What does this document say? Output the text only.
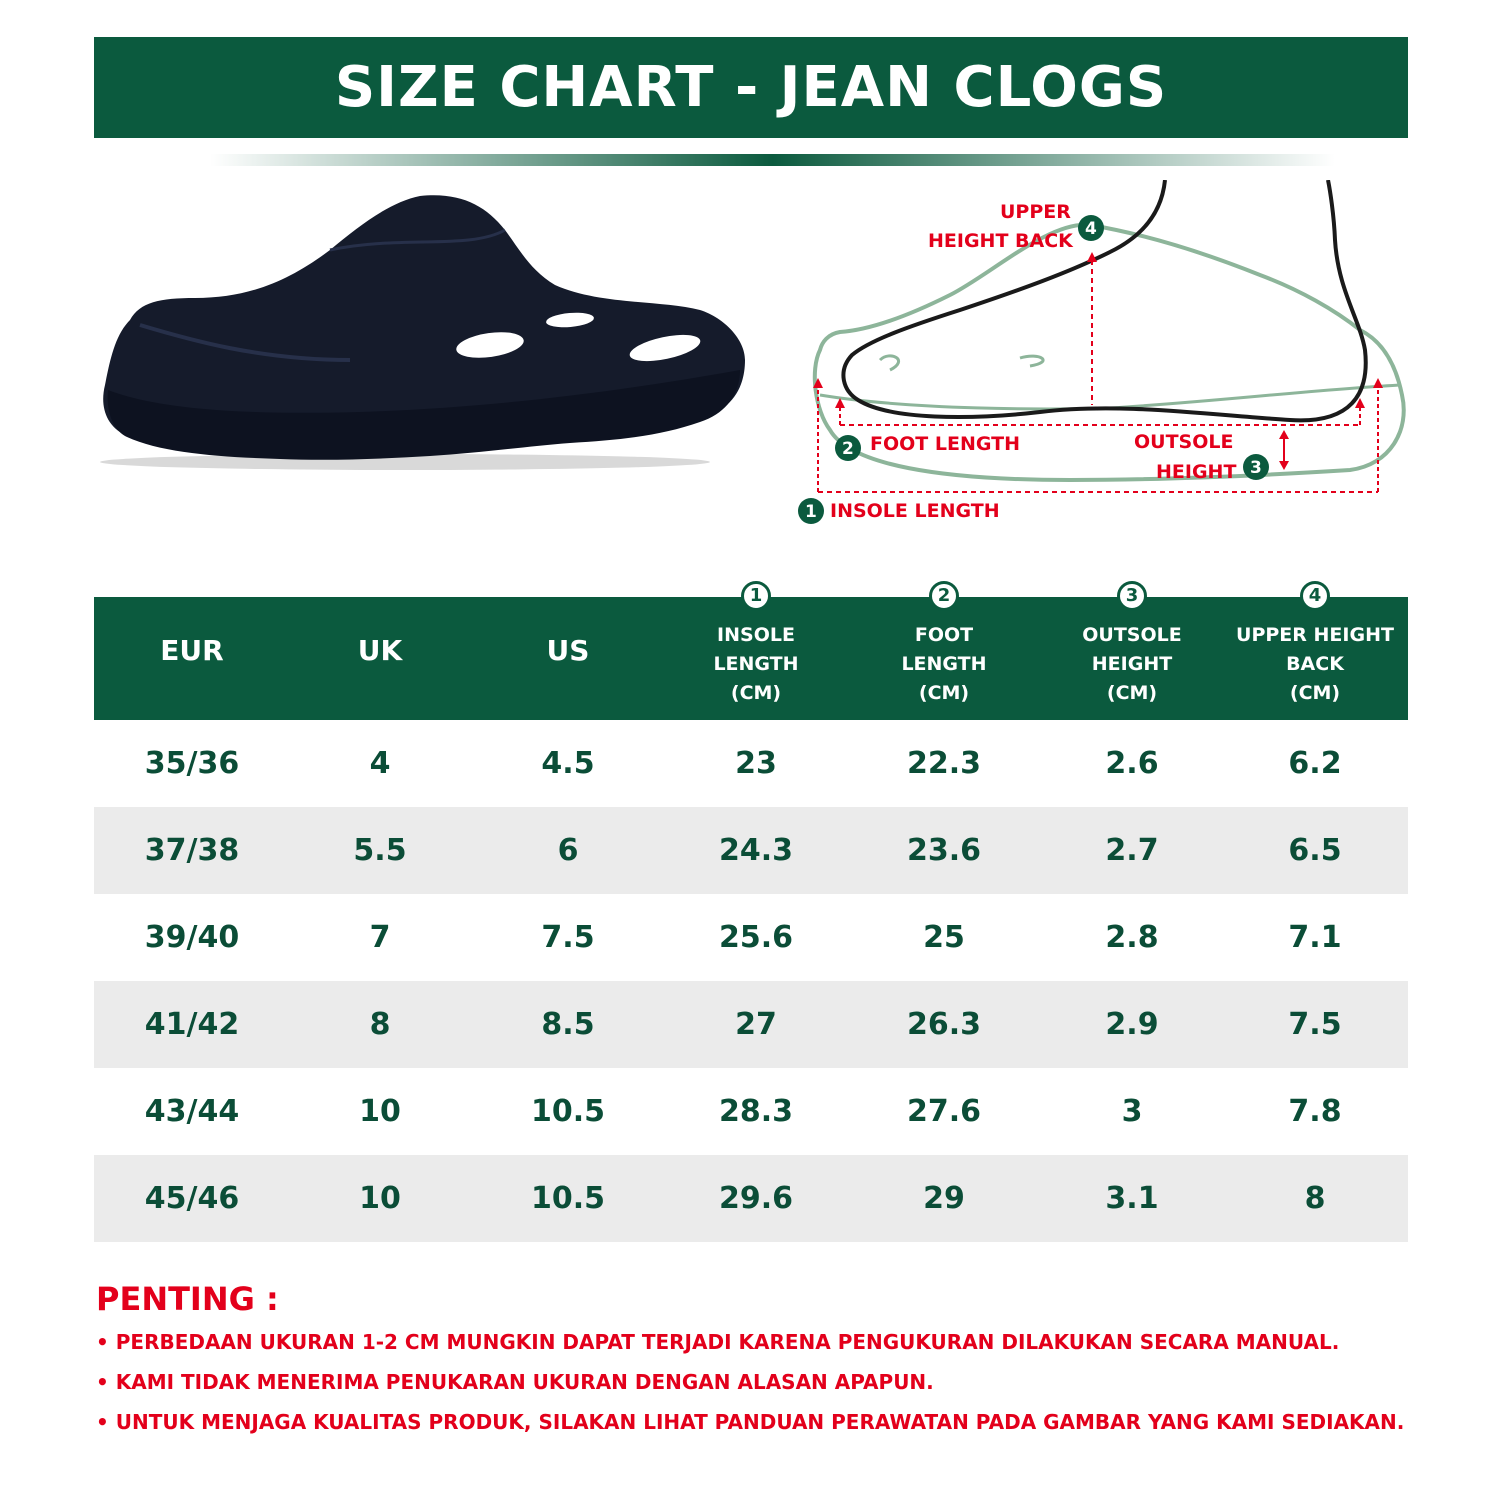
SIZE CHART - JEAN CLOGS
UPPER
HEIGHT BACK
4
2 FOOT LENGTH	OUTSOLE
HEIGHT 3
1 INSOLE LENGTH
EUR	UK	US	1
INSOLE
LENGTH
(CM)	2
FOOT
LENGTH
(CM)	3
OUTSOLE
HEIGHT
(CM)	4
UPPER HEIGHT
BACK
(CM)
35/36	4	4.5	23	22.3	2.6	6.2
37/38	5.5	6	24.3	23.6	2.7	6.5
39/40	7	7.5	25.6	25	2.8	7.1
41/42	8	8.5	27	26.3	2.9	7.5
43/44	10	10.5	28.3	27.6	3	7.8
45/46	10	10.5	29.6	29	3.1	8
PENTING :
• PERBEDAAN UKURAN 1-2 CM MUNGKIN DAPAT TERJADI KARENA PENGUKURAN DILAKUKAN SECARA MANUAL.
• KAMI TIDAK MENERIMA PENUKARAN UKURAN DENGAN ALASAN APAPUN.
• UNTUK MENJAGA KUALITAS PRODUK, SILAKAN LIHAT PANDUAN PERAWATAN PADA GAMBAR YANG KAMI SEDIAKAN.
